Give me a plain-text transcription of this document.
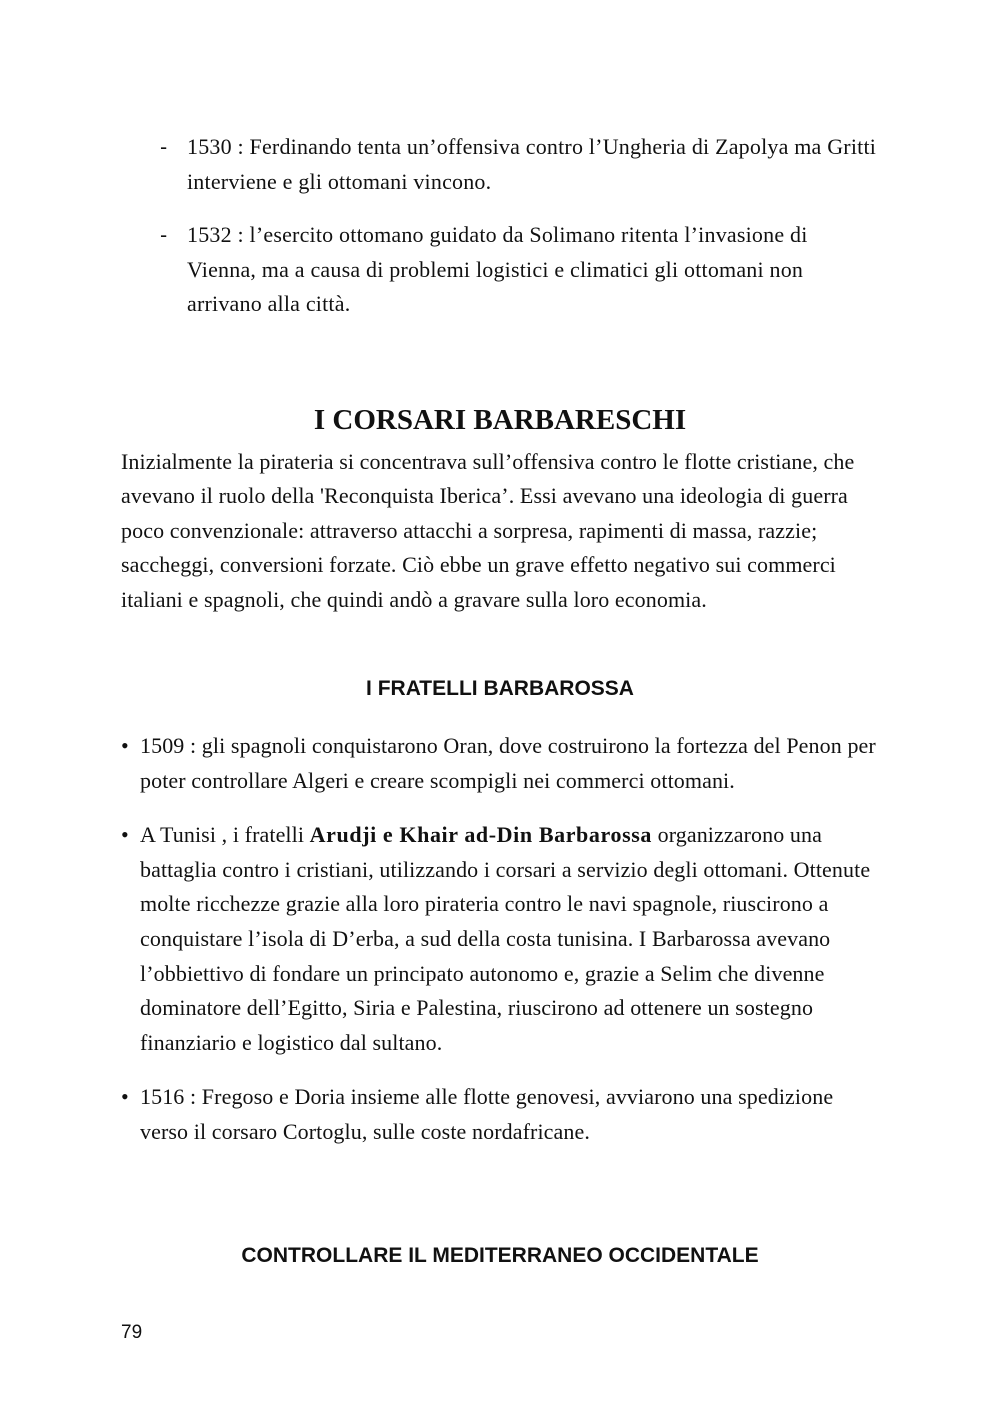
- 1530 : Ferdinando tenta un’offensiva contro l’Ungheria di Zapolya ma Gritti interviene e gli ottomani vincono.
- 1532 : l’esercito ottomano guidato da Solimano ritenta l’invasione di Vienna, ma a causa di problemi logistici e climatici gli ottomani non arrivano alla città.
I CORSARI BARBARESCHI

Inizialmente la pirateria si concentrava sull’offensiva contro le flotte cristiane, che avevano il ruolo della 'Reconquista Iberica’. Essi avevano una ideologia di guerra poco convenzionale: attraverso attacchi a sorpresa, rapimenti di massa, razzie; saccheggi, conversioni forzate. Ciò ebbe un grave effetto negativo sui commerci italiani e spagnoli, che quindi andò a gravare sulla loro economia.

I FRATELLI BARBAROSSA
• 1509 : gli spagnoli conquistarono Oran, dove costruirono la fortezza del Penon per poter controllare Algeri e creare scompigli nei commerci ottomani.
• A Tunisi , i fratelli Arudji e Khair ad-Din Barbarossa organizzarono una battaglia contro i cristiani, utilizzando i corsari a servizio degli ottomani. Ottenute molte ricchezze grazie alla loro pirateria contro le navi spagnole, riuscirono a conquistare l’isola di D’erba, a sud della costa tunisina. I Barbarossa avevano l’obbiettivo di fondare un principato autonomo e, grazie a Selim che divenne dominatore dell’Egitto, Siria e Palestina, riuscirono ad ottenere un sostegno finanziario e logistico dal sultano.
• 1516 : Fregoso e Doria insieme alle flotte genovesi, avviarono una spedizione verso il corsaro Cortoglu, sulle coste nordafricane.
CONTROLLARE IL MEDITERRANEO OCCIDENTALE
79
